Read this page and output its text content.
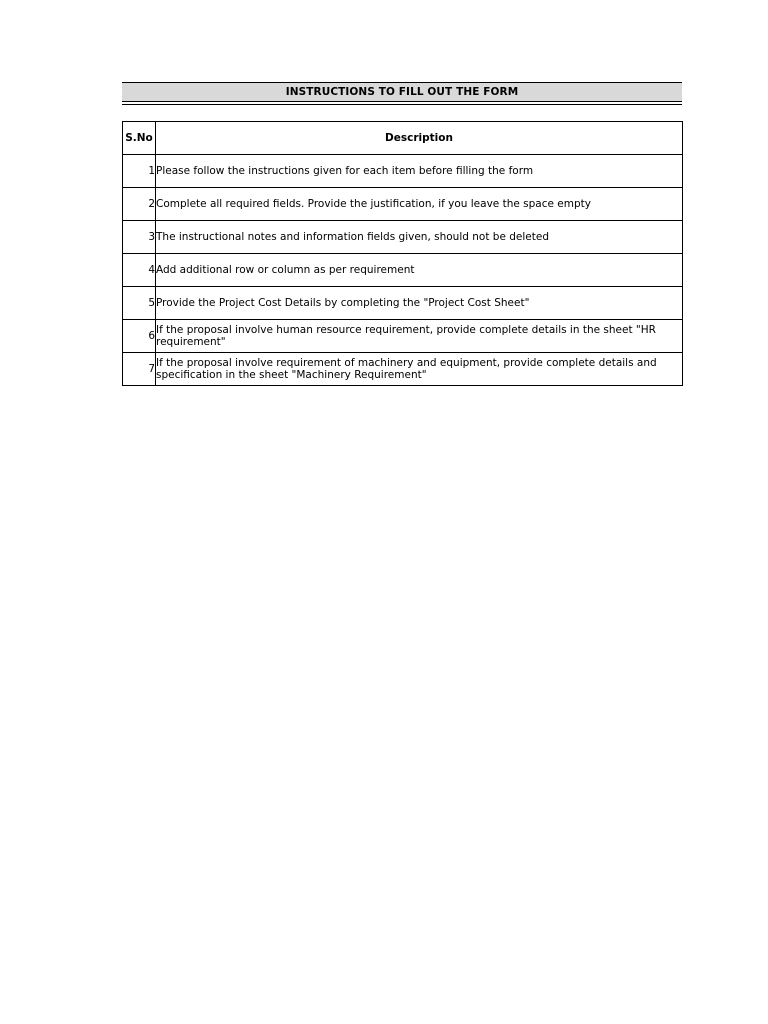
INSTRUCTIONS TO FILL OUT THE FORM
S.No	Description
1	Please follow the instructions given for each item before filling the form
2	Complete all required fields. Provide the justification, if you leave the space empty
3	The instructional notes and information fields given, should not be deleted
4	Add additional row or column as per requirement
5	Provide the Project Cost Details by completing the "Project Cost Sheet"
6	If the proposal involve human resource requirement, provide complete details in the sheet "HR requirement"
7	If the proposal involve requirement of machinery and equipment, provide complete details and specification in the sheet "Machinery Requirement"
